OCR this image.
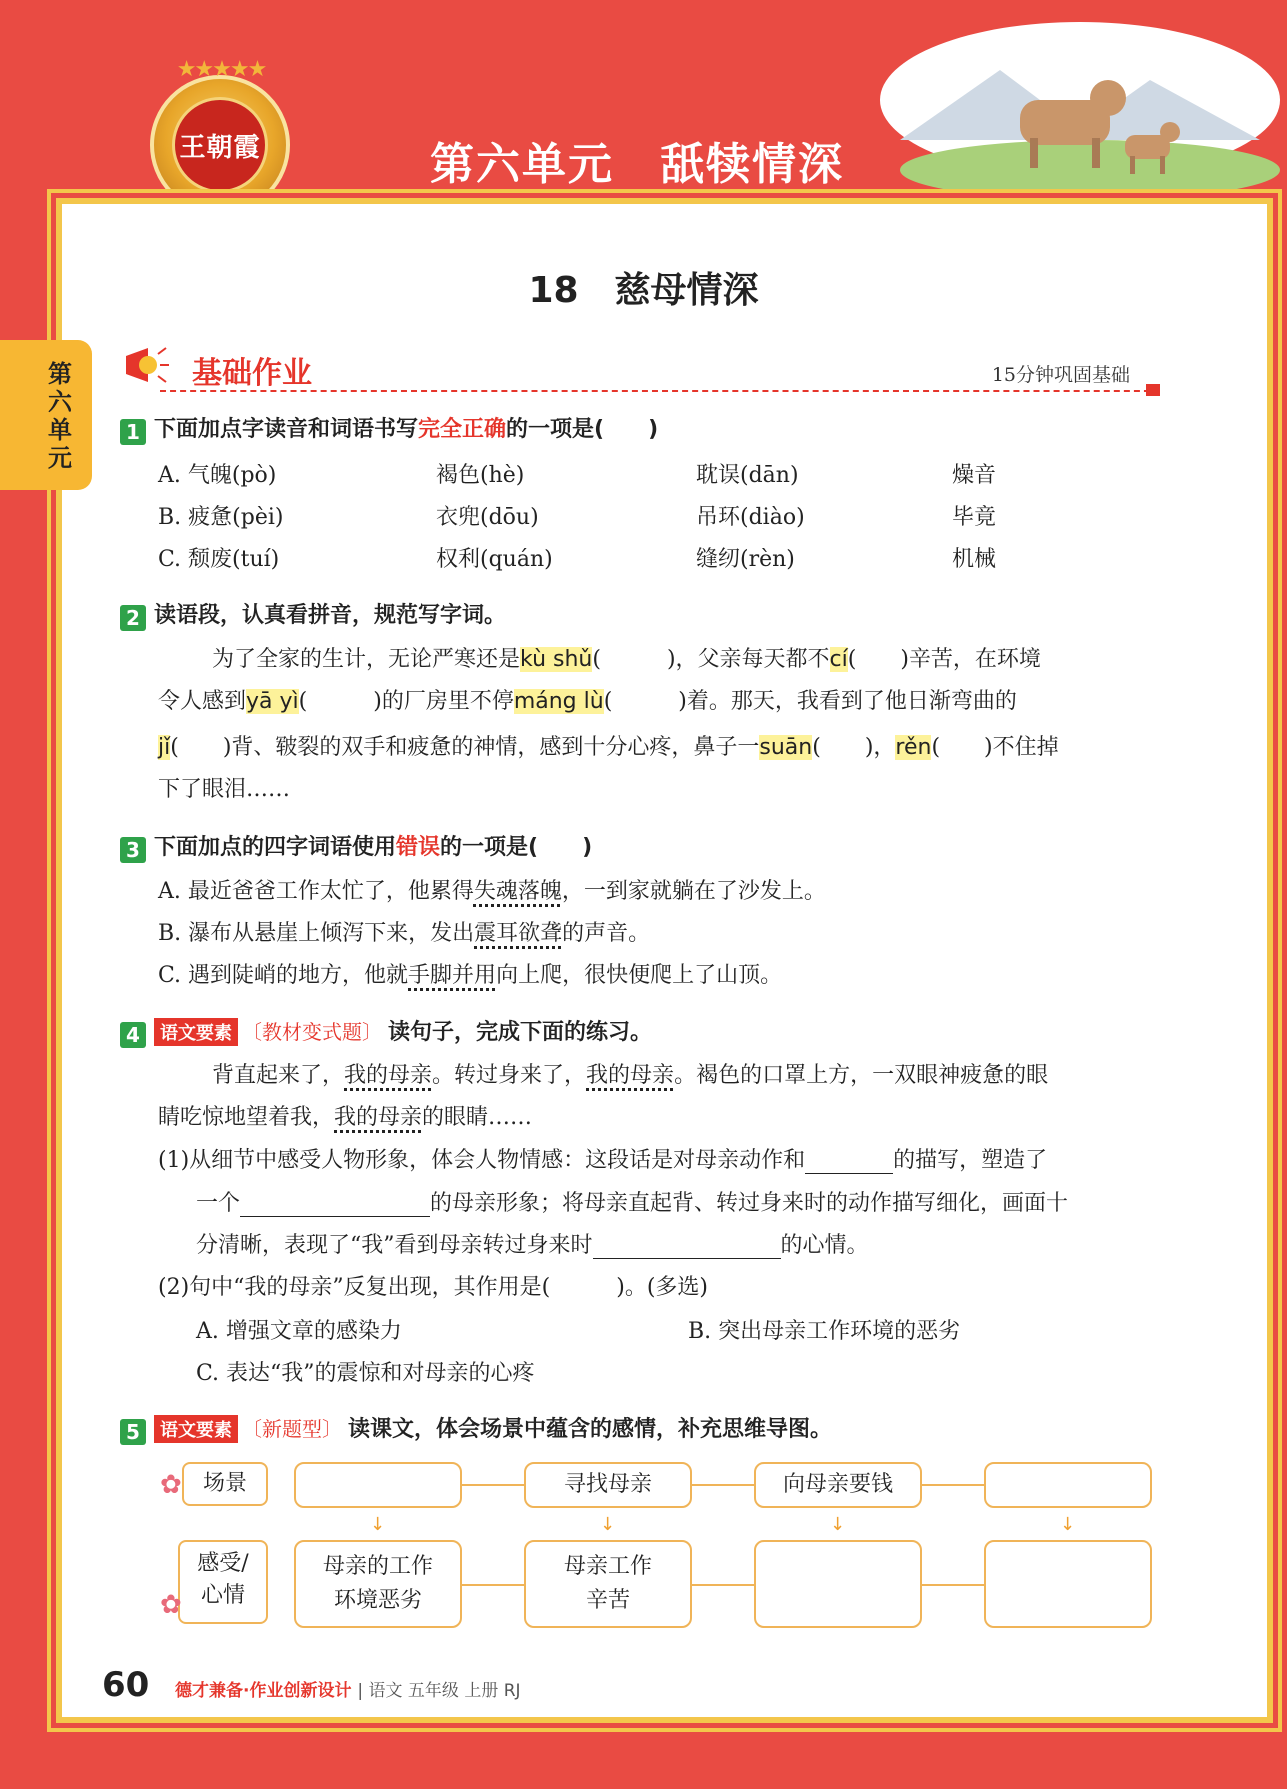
★★★★★
王朝霞	第六单元　舐犊情深
第六单元
18　慈母情深
基础作业	15分钟巩固基础
1 下面加点字读音和词语书写完全正确的一项是(　　)
A. 气魄(pò)	褐色(hè)	耽误(dān)	燥音
B. 疲惫(pèi)	衣兜(dōu)	吊环(diào)	毕竟
C. 颓废(tuí)	权利(quán)	缝纫(rèn)	机械
2 读语段，认真看拼音，规范写字词。
为了全家的生计，无论严寒还是kù shǔ(　　　)，父亲每天都不cí(　　)辛苦，在环境
令人感到yā yì(　　　)的厂房里不停máng lù(　　　)着。那天，我看到了他日渐弯曲的
jǐ(　　)背、皲裂的双手和疲惫的神情，感到十分心疼，鼻子一suān(　　)，rěn(　　)不住掉
下了眼泪……
3 下面加点的四字词语使用错误的一项是(　　)
A. 最近爸爸工作太忙了，他累得失魂落魄，一到家就躺在了沙发上。
B. 瀑布从悬崖上倾泻下来，发出震耳欲聋的声音。
C. 遇到陡峭的地方，他就手脚并用向上爬，很快便爬上了山顶。
4 语文要素 〔教材变式题〕 读句子，完成下面的练习。
背直起来了，我的母亲。转过身来了，我的母亲。褐色的口罩上方，一双眼神疲惫的眼
睛吃惊地望着我，我的母亲的眼睛……
(1)从细节中感受人物形象，体会人物情感：这段话是对母亲动作和	的描写，塑造了
一个	的母亲形象；将母亲直起背、转过身来时的动作描写细化，画面十
分清晰，表现了“我”看到母亲转过身来时	的心情。
(2)句中“我的母亲”反复出现，其作用是(　　　)。(多选)
A. 增强文章的感染力	B. 突出母亲工作环境的恶劣
C. 表达“我”的震惊和对母亲的心疼
5 语文要素 〔新题型〕 读课文，体会场景中蕴含的感情，补充思维导图。
场景
感受/
心情
✿
✿
寻找母亲	向母亲要钱
↓	↓	↓	↓
母亲的工作
环境恶劣
母亲工作
辛苦
60 德才兼备·作业创新设计 | 语文 五年级 上册 RJ
